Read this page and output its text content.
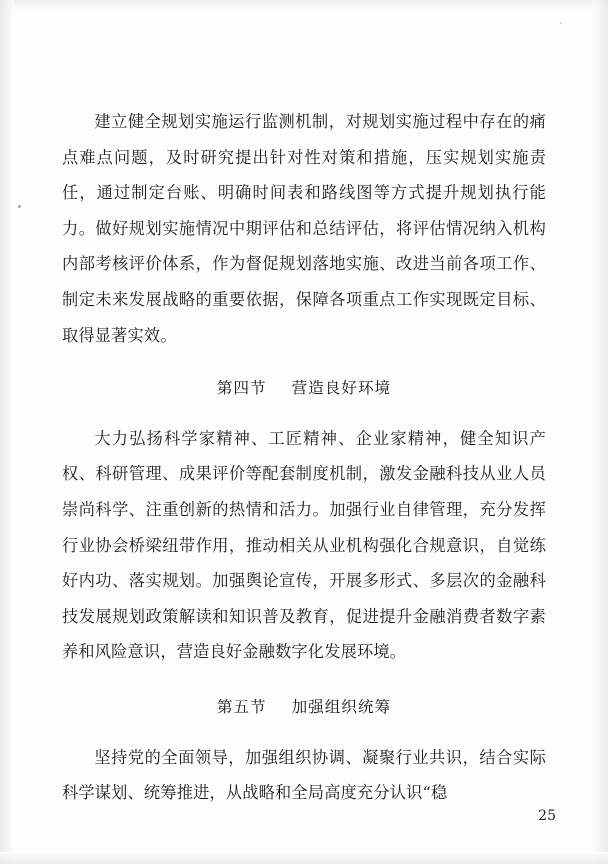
建立健全规划实施运行监测机制，对规划实施过程中存在的痛点难点问题，及时研究提出针对性对策和措施，压实规划实施责任，通过制定台账、明确时间表和路线图等方式提升规划执行能力。做好规划实施情况中期评估和总结评估，将评估情况纳入机构内部考核评价体系，作为督促规划落地实施、改进当前各项工作、制定未来发展战略的重要依据，保障各项重点工作实现既定目标、取得显著实效。

第四节 营造良好环境

大力弘扬科学家精神、工匠精神、企业家精神，健全知识产权、科研管理、成果评价等配套制度机制，激发金融科技从业人员崇尚科学、注重创新的热情和活力。加强行业自律管理，充分发挥行业协会桥梁纽带作用，推动相关从业机构强化合规意识，自觉练好内功、落实规划。加强舆论宣传，开展多形式、多层次的金融科技发展规划政策解读和知识普及教育，促进提升金融消费者数字素养和风险意识，营造良好金融数字化发展环境。

第五节 加强组织统筹

坚持党的全面领导，加强组织协调、凝聚行业共识，结合实际科学谋划、统筹推进，从战略和全局高度充分认识“稳

25
